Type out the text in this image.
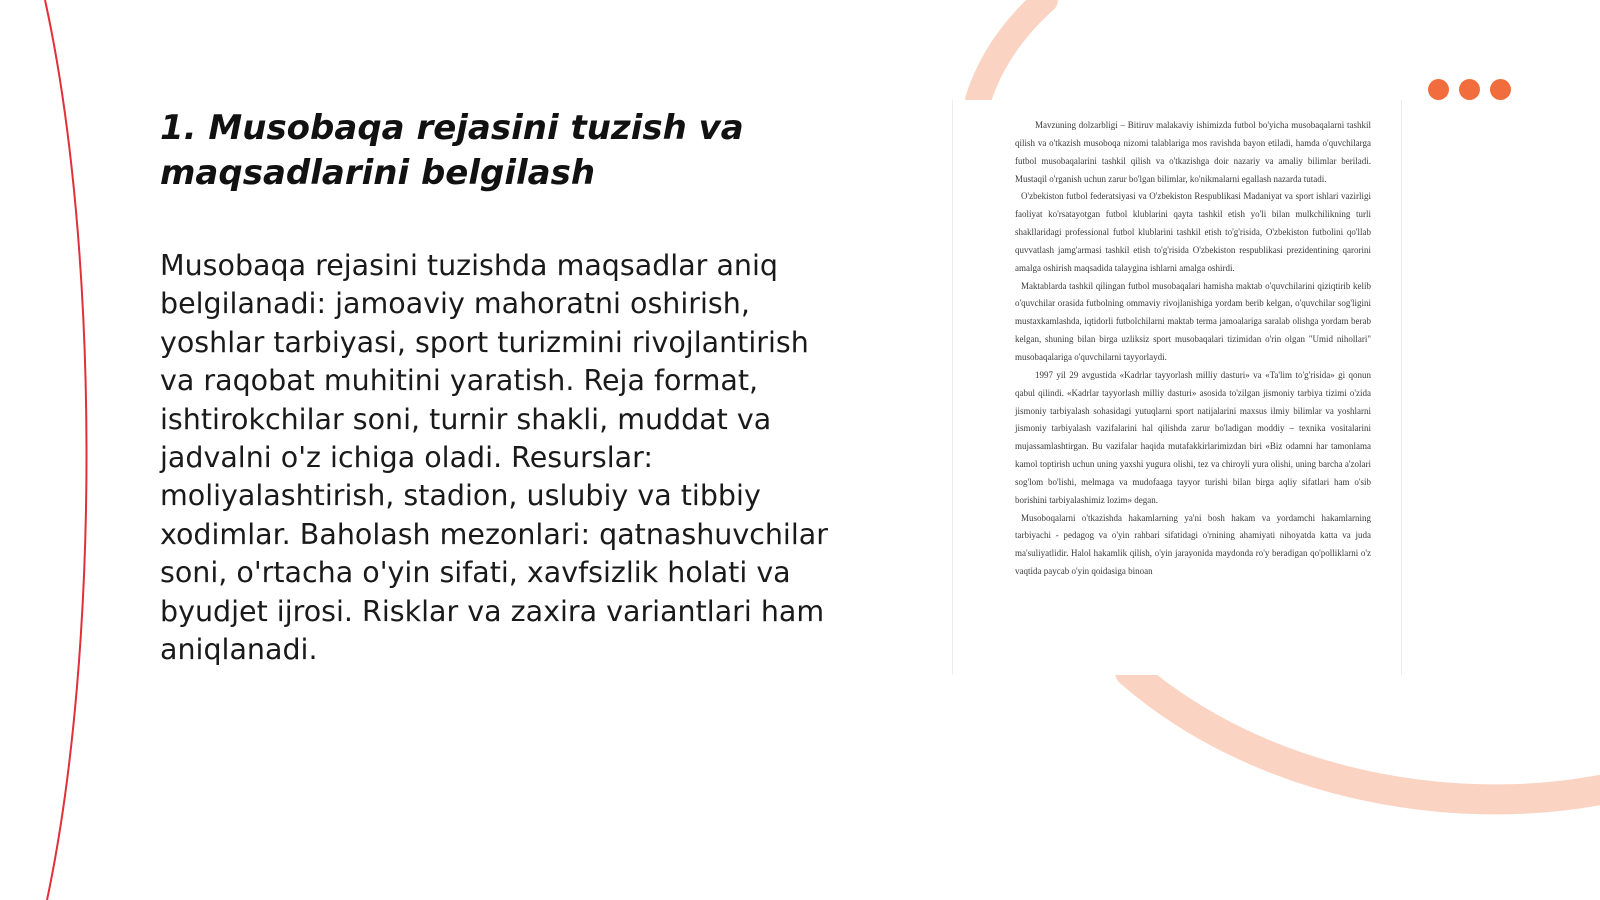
1. Musobaqa rejasini tuzish va maqsadlarini belgilash

Musobaqa rejasini tuzishda maqsadlar aniq belgilanadi: jamoaviy mahoratni oshirish, yoshlar tarbiyasi, sport turizmini rivojlantirish va raqobat muhitini yaratish. Reja format, ishtirokchilar soni, turnir shakli, muddat va jadvalni o'z ichiga oladi. Resurslar: moliyalashtirish, stadion, uslubiy va tibbiy xodimlar. Baholash mezonlari: qatnashuvchilar soni, o'rtacha o'yin sifati, xavfsizlik holati va byudjet ijrosi. Risklar va zaxira variantlari ham aniqlanadi.

Mavzuning dolzarbligi – Bitiruv malakaviy ishimizda futbol bo'yicha musobaqalarni tashkil qilish va o'tkazish musoboqa nizomi talablariga mos ravishda bayon etiladi, hamda o'quvchilarga futbol musobaqalarini tashkil qilish va o'tkazishga doir nazariy va amaliy bilimlar beriladi. Mustaqil o'rganish uchun zarur bo'lgan bilimlar, ko'nikmalarni egallash nazarda tutadi.

O'zbekiston futbol federatsiyasi va O'zbekiston Respublikasi Madaniyat va sport ishlari vazirligi faoliyat ko'rsatayotgan futbol klublarini qayta tashkil etish yo'li bilan mulkchilikning turli shakllaridagi professional futbol klublarini tashkil etish to'g'risida, O'zbekiston futbolini qo'llab quvvatlash jamg'armasi tashkil etish to'g'risida O'zbekiston respublikasi prezidentining qarorini amalga oshirish maqsadida talaygina ishlarni amalga oshirdi.

Maktablarda tashkil qilingan futbol musobaqalari hamisha maktab o'quvchilarini qiziqtirib kelib o'quvchilar orasida futbolning ommaviy rivojlanishiga yordam berib kelgan, o'quvchilar sog'ligini mustaxkamlashda, iqtidorli futbolchilarni maktab terma jamoalariga saralab olishga yordam berab kelgan, shuning bilan birga uzliksiz sport musobaqalari tizimidan o'rin olgan "Umid nihollari" musobaqalariga o'quvchilarni tayyorlaydi.

1997 yil 29 avgustida «Kadrlar tayyorlash milliy dasturi» va «Ta'lim to'g'risida» gi qonun qabul qilindi. «Kadrlar tayyorlash milliy dasturi» asosida to'zilgan jismoniy tarbiya tizimi o'zida jismoniy tarbiyalash sohasidagi yutuqlarni sport natijalarini maxsus ilmiy bilimlar va yoshlarni jismoniy tarbiyalash vazifalarini hal qilishda zarur bo'ladigan moddiy – texnika vositalarini mujassamlashtirgan. Bu vazifalar haqida mutafakkirlarimizdan biri «Biz odamni har tamonlama kamol toptirish uchun uning yaxshi yugura olishi, tez va chiroyli yura olishi, uning barcha a'zolari sog'lom bo'lishi, melmaga va mudofaaga tayyor turishi bilan birga aqliy sifatlari ham o'sib borishini tarbiyalashimiz lozim» degan.

Musoboqalarni o'tkazishda hakamlarning ya'ni bosh hakam va yordamchi hakamlarning tarbiyachi - pedagog va o'yin rahbari sifatidagi o'rnining ahamiyati nihoyatda katta va juda ma'suliyatlidir. Halol hakamlik qilish, o'yin jarayonida maydonda ro'y beradigan qo'polliklarni o'z vaqtida paycab o'yin qoidasiga binoan
